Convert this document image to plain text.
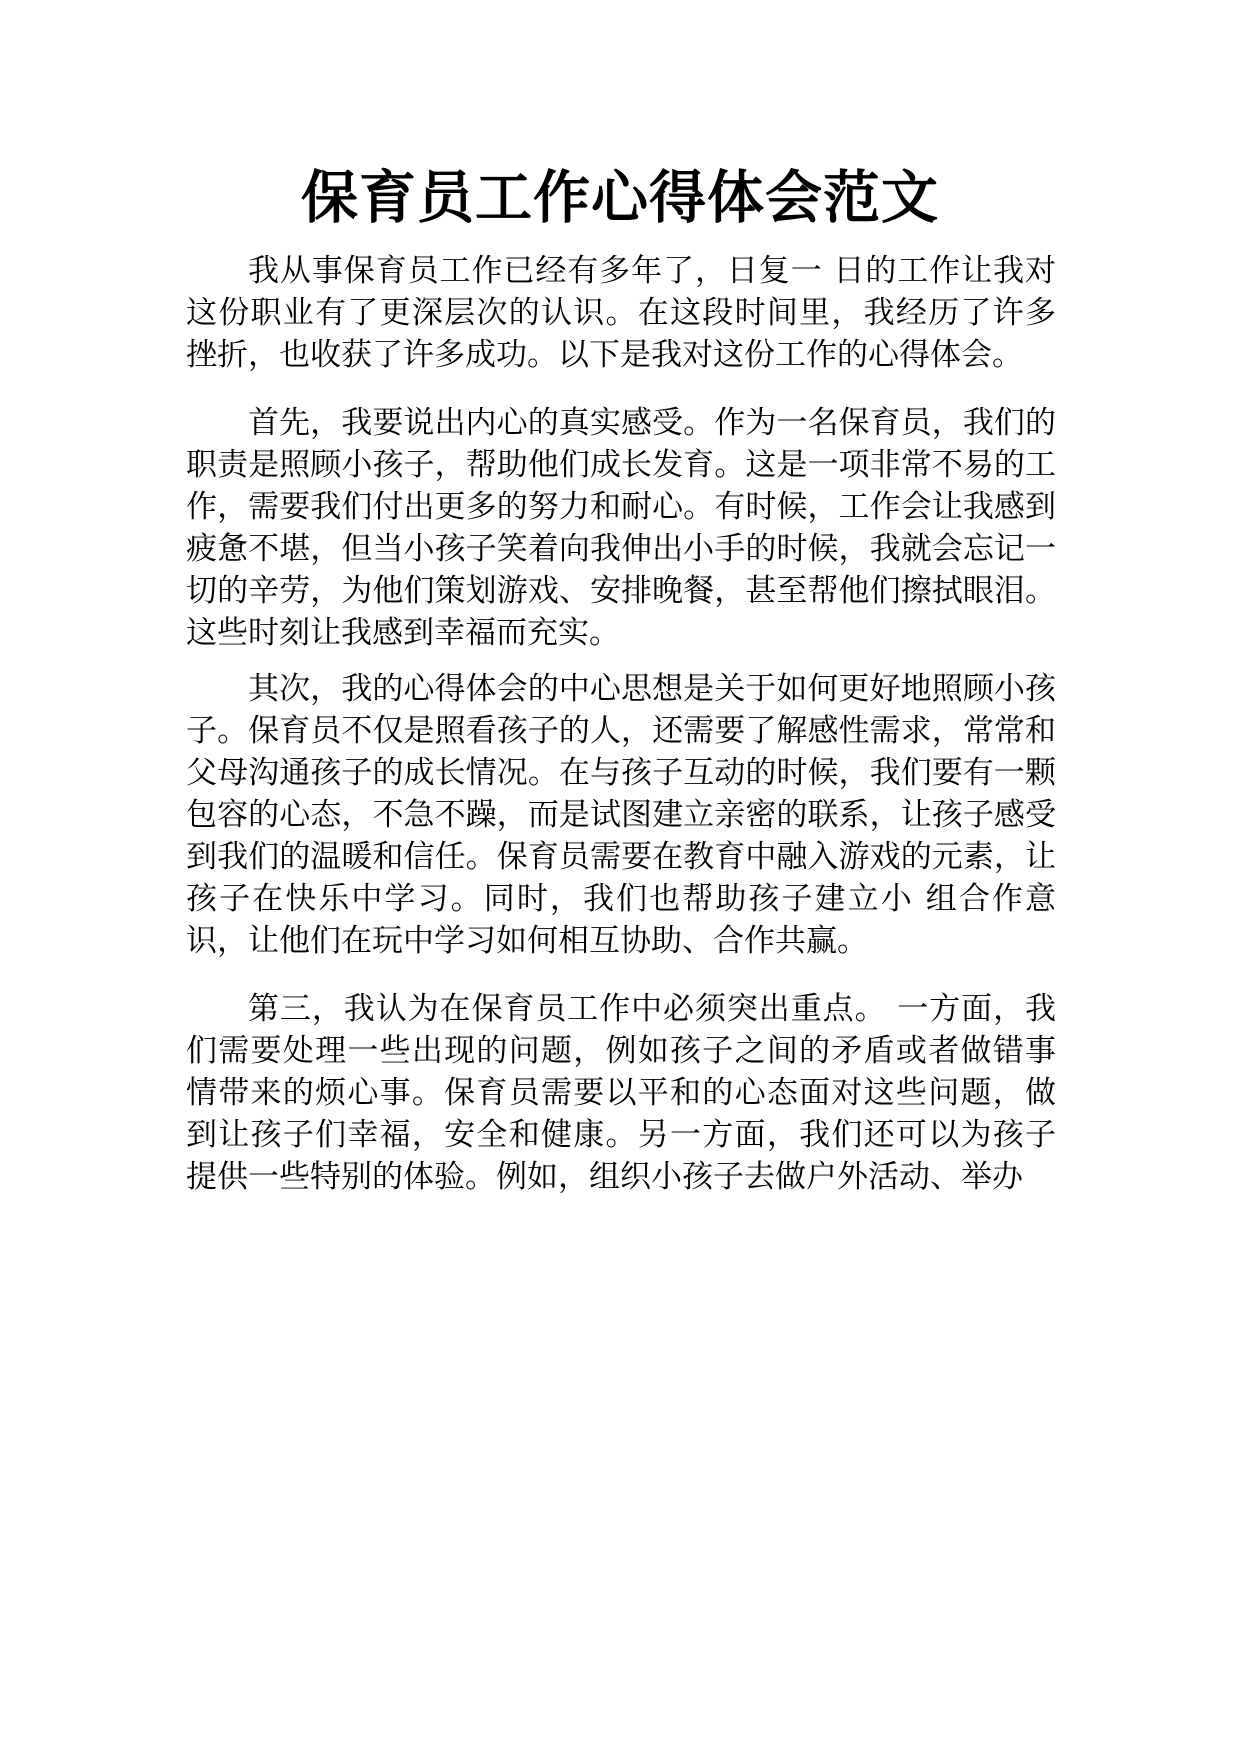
保育员工作心得体会范文

我从事保育员工作已经有多年了，日复一 日的工作让我对 这份职业有了更深层次的认识。在这段时间里，我经历了许多 挫折，也收获了许多成功。以下是我对这份工作的心得体会。

首先，我要说出内心的真实感受。作为一名保育员，我们的职责是照顾小孩子，帮助他们成长发育。这是一项非常不易的工作，需要我们付出更多的努力和耐心。有时候，工作会让我感到疲惫不堪，但当小孩子笑着向我伸出小手的时候，我就会忘记一切的辛劳，为他们策划游戏、安排晚餐，甚至帮他们擦拭眼泪。这些时刻让我感到幸福而充实。

其次，我的心得体会的中心思想是关于如何更好地照顾小孩子。保育员不仅是照看孩子的人，还需要了解感性需求，常常和父母沟通孩子的成长情况。在与孩子互动的时候，我们要有一颗包容的心态，不急不躁，而是试图建立亲密的联系，让孩子感受到我们的温暖和信任。保育员需要在教育中融入游戏的元素，让孩子在快乐中学习。同时，我们也帮助孩子建立小 组合作意识，让他们在玩中学习如何相互协助、合作共赢。

第三，我认为在保育员工作中必须突出重点。 一方面，我 们需要处理一些出现的问题，例如孩子之间的矛盾或者做错事 情带来的烦心事。保育员需要以平和的心态面对这些问题，做 到让孩子们幸福，安全和健康。另一方面，我们还可以为孩子 提供一些特别的体验。例如，组织小孩子去做户外活动、举办
